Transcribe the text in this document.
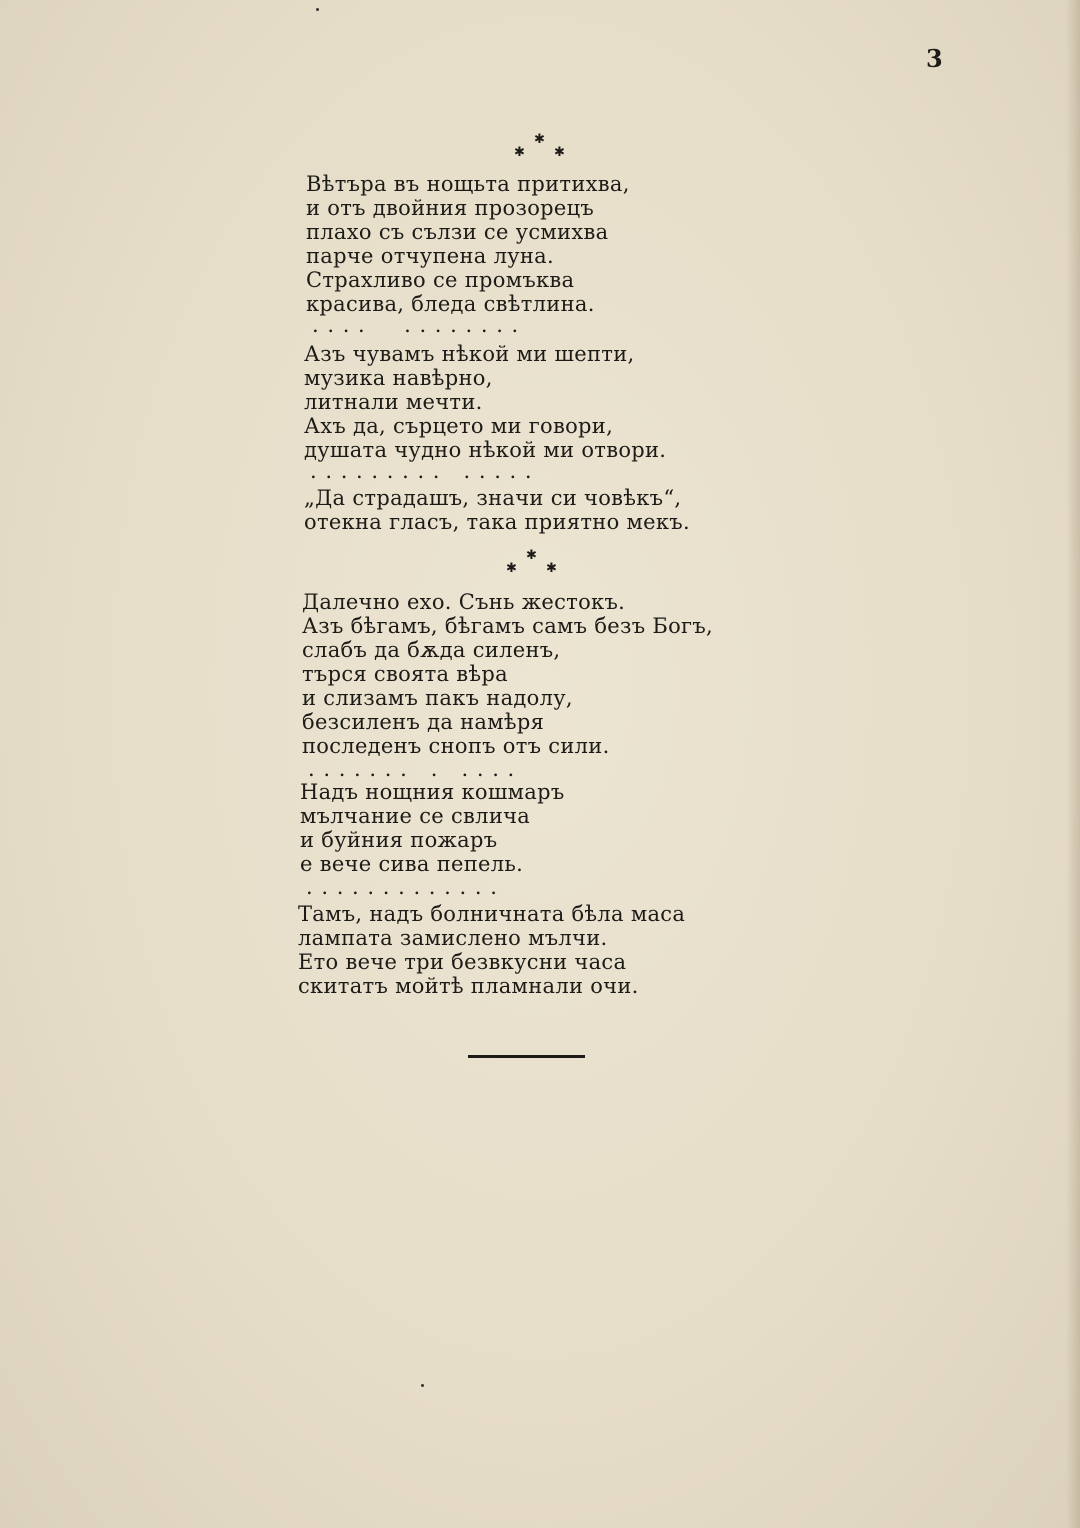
3
✱
✱ ✱
Вѣтъра въ нощьта притихва,
и отъ двойния прозорецъ
плахо съ сълзи се усмихва
парче отчупена луна.
Страхливо се промъква
красива, бледа свѣтлина.
. . . .     . . . . . . . .
Азъ чувамъ нѣкой ми шепти,
музика навѣрно,
литнали мечти.
Ахъ да, сърцето ми говори,
душата чудно нѣкой ми отвори.
. . . . . . . . .   . . . . .
„Да страдашъ, значи си човѣкъ“,
отекна гласъ, така приятно мекъ.
✱
✱ ✱
Далечно ехо. Сънь жестокъ.
Азъ бѣгамъ, бѣгамъ самъ безъ Богъ,
слабъ да бѫда силенъ,
търся своята вѣра
и слизамъ пакъ надолу,
безсиленъ да намѣря
последенъ снопъ отъ сили.
. . . . . . .   .   . . . .
Надъ нощния кошмаръ
мълчание се свлича
и буйния пожаръ
е вече сива пепель.
. . . . . . . . . . . . .
Тамъ, надъ болничната бѣла маса
лампата замислено мълчи.
Ето вече три безвкусни часа
скитатъ мойтѣ пламнали очи.
